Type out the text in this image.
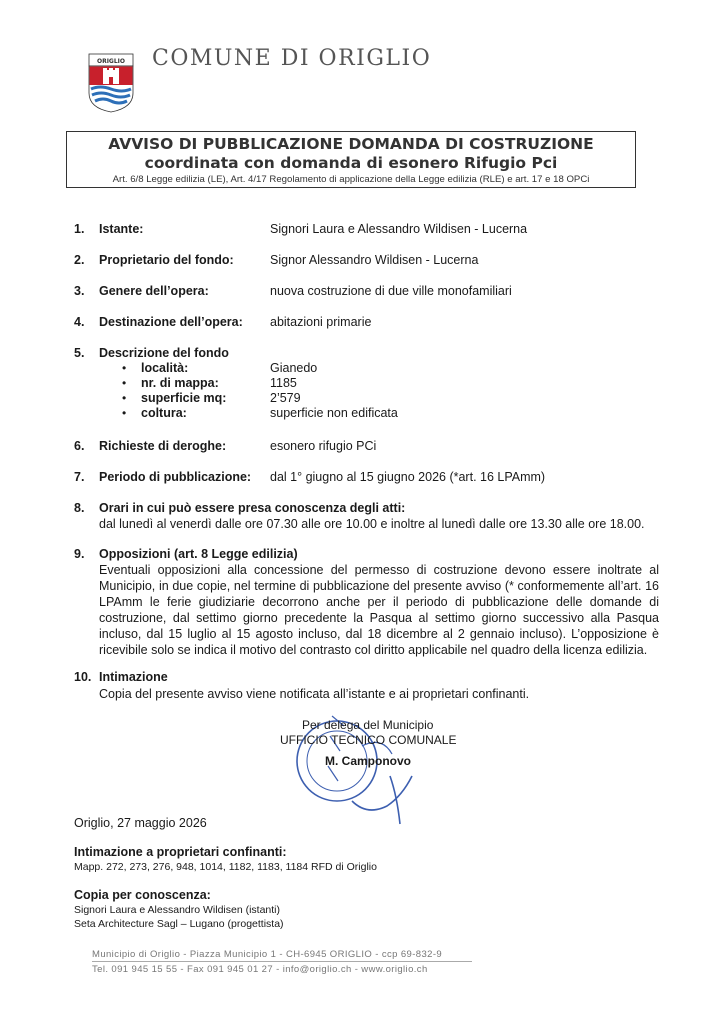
ORIGLIO COMUNE DI ORIGLIO
AVVISO DI PUBBLICAZIONE DOMANDA DI COSTRUZIONE
coordinata con domanda di esonero Rifugio Pci
Art. 6/8 Legge edilizia (LE), Art. 4/17 Regolamento di applicazione della Legge edilizia (RLE) e art. 17 e 18 OPCi
1. Istante:	Signori Laura e Alessandro Wildisen - Lucerna
2. Proprietario del fondo:	Signor Alessandro Wildisen - Lucerna
3. Genere dell’opera:	nuova costruzione di due ville monofamiliari
4. Destinazione dell’opera: abitazioni primarie
5. Descrizione del fondo
• località:	Gianedo
• nr. di mappa:	1185
• superficie mq:	2’579
• coltura:	superficie non edificata
6. Richieste di deroghe:	esonero rifugio PCi
7. Periodo di pubblicazione: dal 1° giugno al 15 giugno 2026 (*art. 16 LPAmm)
8. Orari in cui può essere presa conoscenza degli atti:
dal lunedì al venerdì dalle ore 07.30 alle ore 10.00 e inoltre al lunedì dalle ore 13.30 alle ore 18.00.
9. Opposizioni (art. 8 Legge edilizia)
Eventuali opposizioni alla concessione del permesso di costruzione devono essere inoltrate al Municipio, in due copie, nel termine di pubblicazione del presente avviso (* conformemente all’art. 16 LPAmm le ferie giudiziarie decorrono anche per il periodo di pubblicazione delle domande di costruzione, dal settimo giorno precedente la Pasqua al settimo giorno successivo alla Pasqua incluso, dal 15 luglio al 15 agosto incluso, dal 18 dicembre al 2 gennaio incluso). L’opposizione è ricevibile solo se indica il motivo del contrasto col diritto applicabile nel quadro della licenza edilizia.
10. Intimazione
Copia del presente avviso viene notificata all’istante e ai proprietari confinanti.
Per delega del Municipio
UFFICIO TECNICO COMUNALE
M. Camponovo
Origlio, 27 maggio 2026
Intimazione a proprietari confinanti:
Mapp. 272, 273, 276, 948, 1014, 1182, 1183, 1184 RFD di Origlio
Copia per conoscenza:
Signori Laura e Alessandro Wildisen (istanti)
Seta Architecture Sagl – Lugano (progettista)
Municipio di Origlio - Piazza Municipio 1 - CH-6945 ORIGLIO - ccp 69-832-9
Tel. 091 945 15 55 - Fax 091 945 01 27 - info@origlio.ch - www.origlio.ch
